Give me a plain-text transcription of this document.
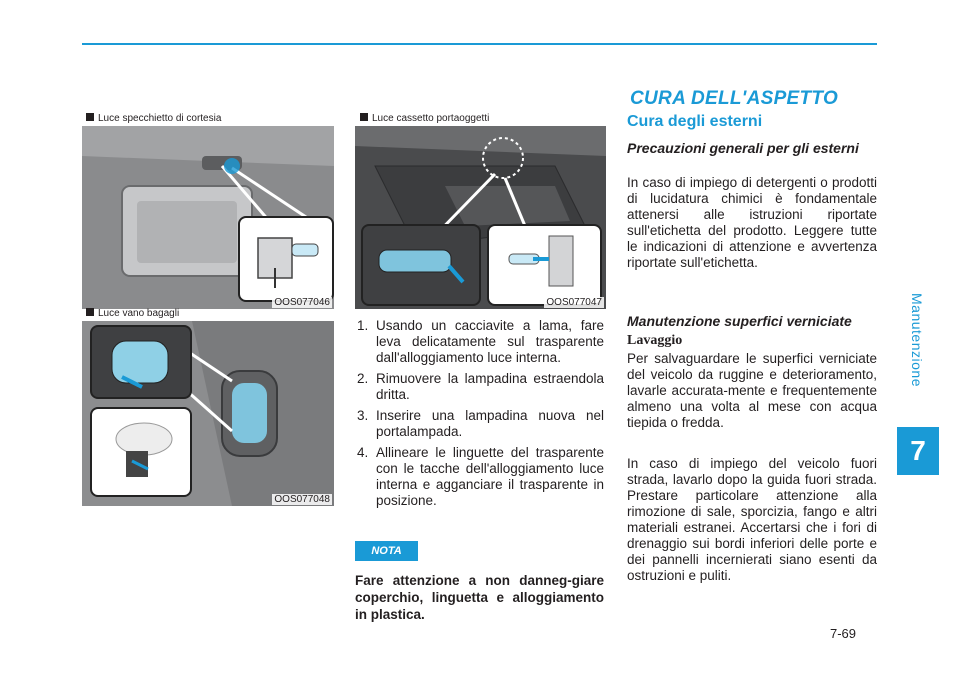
Manutenzione
7
7-69
Luce specchietto di cortesia
OOS077046
Luce vano bagagli
OOS077048
Luce cassetto portaoggetti
OOS077047
1. Usando un cacciavite a lama, fare leva delicatamente sul trasparente dall'alloggiamento luce interna.
2. Rimuovere la lampadina estraendola dritta.
3. Inserire una lampadina nuova nel portalampada.
4. Allineare le linguette del trasparente con le tacche dell'alloggiamento luce interna e agganciare il trasparente in posizione.
NOTA
Fare attenzione a non danneg-giare coperchio, linguetta e alloggiamento in plastica.
CURA DELL'ASPETTO
Cura degli esterni
Precauzioni generali per gli esterni
In caso di impiego di detergenti o prodotti di lucidatura chimici è fondamentale attenersi alle istruzioni riportate sull'etichetta del prodotto. Leggere tutte le indicazioni di attenzione e avvertenza riportate sull'etichetta.
Manutenzione superfici verniciate
Lavaggio
Per salvaguardare le superfici verniciate del veicolo da ruggine e deterioramento, lavarle accurata-mente e frequentemente almeno una volta al mese con acqua tiepida o fredda.
In caso di impiego del veicolo fuori strada, lavarlo dopo la guida fuori strada. Prestare particolare attenzione alla rimozione di sale, sporcizia, fango e altri materiali estranei. Accertarsi che i fori di drenaggio sui bordi inferiori delle porte e dei pannelli incernierati siano esenti da ostruzioni e puliti.
